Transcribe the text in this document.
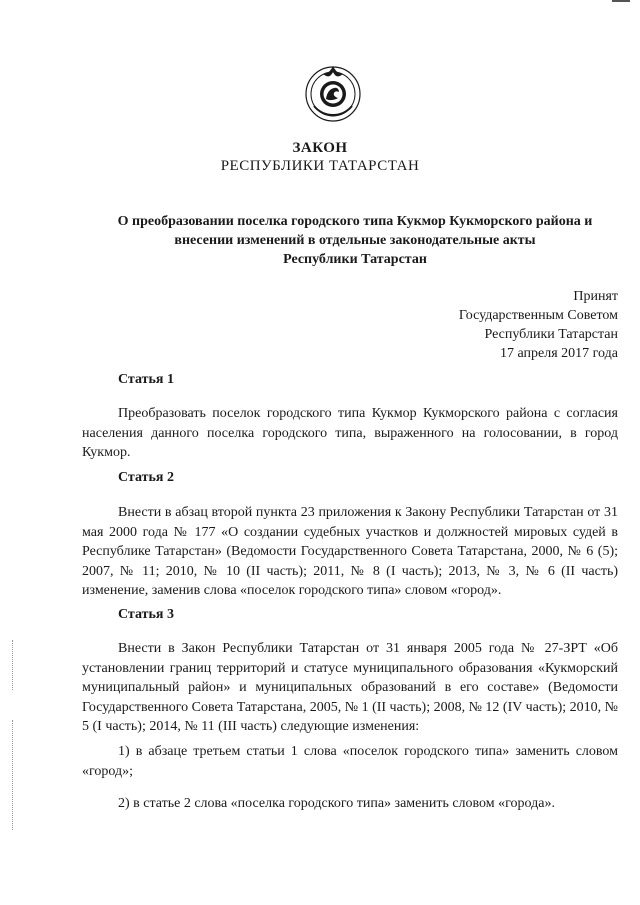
ЗАКОН
РЕСПУБЛИКИ ТАТАРСТАН
О преобразовании поселка городского типа Кукмор Кукморского района и
внесении изменений в отдельные законодательные акты
Республики Татарстан
Принят
Государственным Советом
Республики Татарстан
17 апреля 2017 года
Статья 1
Преобразовать поселок городского типа Кукмор Кукморского района с согласия населения данного поселка городского типа, выраженного на голосовании, в город Кукмор.
Статья 2
Внести в абзац второй пункта 23 приложения к Закону Республики Татарстан от 31 мая 2000 года № 177 «О создании судебных участков и должностей мировых судей в Республике Татарстан» (Ведомости Государственного Совета Татарстана, 2000, № 6 (5); 2007, № 11; 2010, № 10 (II часть); 2011, № 8 (I часть); 2013, № 3, № 6 (II часть) изменение, заменив слова «поселок городского типа» словом «город».
Статья 3
Внести в Закон Республики Татарстан от 31 января 2005 года № 27-ЗРТ «Об установлении границ территорий и статусе муниципального образования «Кукморский муниципальный район» и муниципальных образований в его составе» (Ведомости Государственного Совета Татарстана, 2005, № 1 (II часть); 2008, № 12 (IV часть); 2010, № 5 (I часть); 2014, № 11 (III часть) следующие изменения:
1) в абзаце третьем статьи 1 слова «поселок городского типа» заменить словом «город»;
2) в статье 2 слова «поселка городского типа» заменить словом «города».
